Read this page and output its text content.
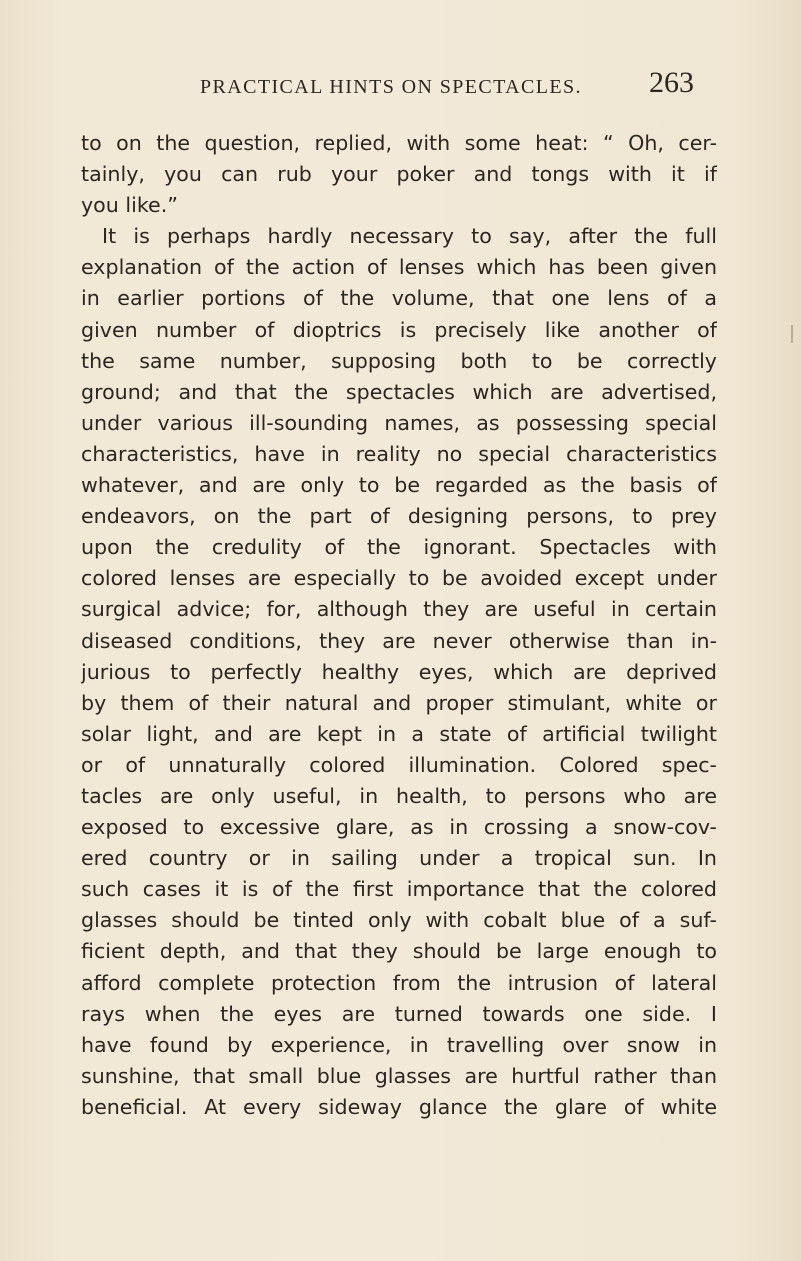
PRACTICAL HINTS ON SPECTACLES. 263
to on the question, replied, with some heat: “ Oh, cer-
tainly, you can rub your poker and tongs with it if
you like.”
It is perhaps hardly necessary to say, after the full
explanation of the action of lenses which has been given
in earlier portions of the volume, that one lens of a
given number of dioptrics is precisely like another of
the same number, supposing both to be correctly
ground; and that the spectacles which are advertised,
under various ill-sounding names, as possessing special
characteristics, have in reality no special characteristics
whatever, and are only to be regarded as the basis of
endeavors, on the part of designing persons, to prey
upon the credulity of the ignorant. Spectacles with
colored lenses are especially to be avoided except under
surgical advice; for, although they are useful in certain
diseased conditions, they are never otherwise than in-
jurious to perfectly healthy eyes, which are deprived
by them of their natural and proper stimulant, white or
solar light, and are kept in a state of artificial twilight
or of unnaturally colored illumination. Colored spec-
tacles are only useful, in health, to persons who are
exposed to excessive glare, as in crossing a snow-cov-
ered country or in sailing under a tropical sun. In
such cases it is of the first importance that the colored
glasses should be tinted only with cobalt blue of a suf-
ficient depth, and that they should be large enough to
afford complete protection from the intrusion of lateral
rays when the eyes are turned towards one side. I
have found by experience, in travelling over snow in
sunshine, that small blue glasses are hurtful rather than
beneficial. At every sideway glance the glare of white
